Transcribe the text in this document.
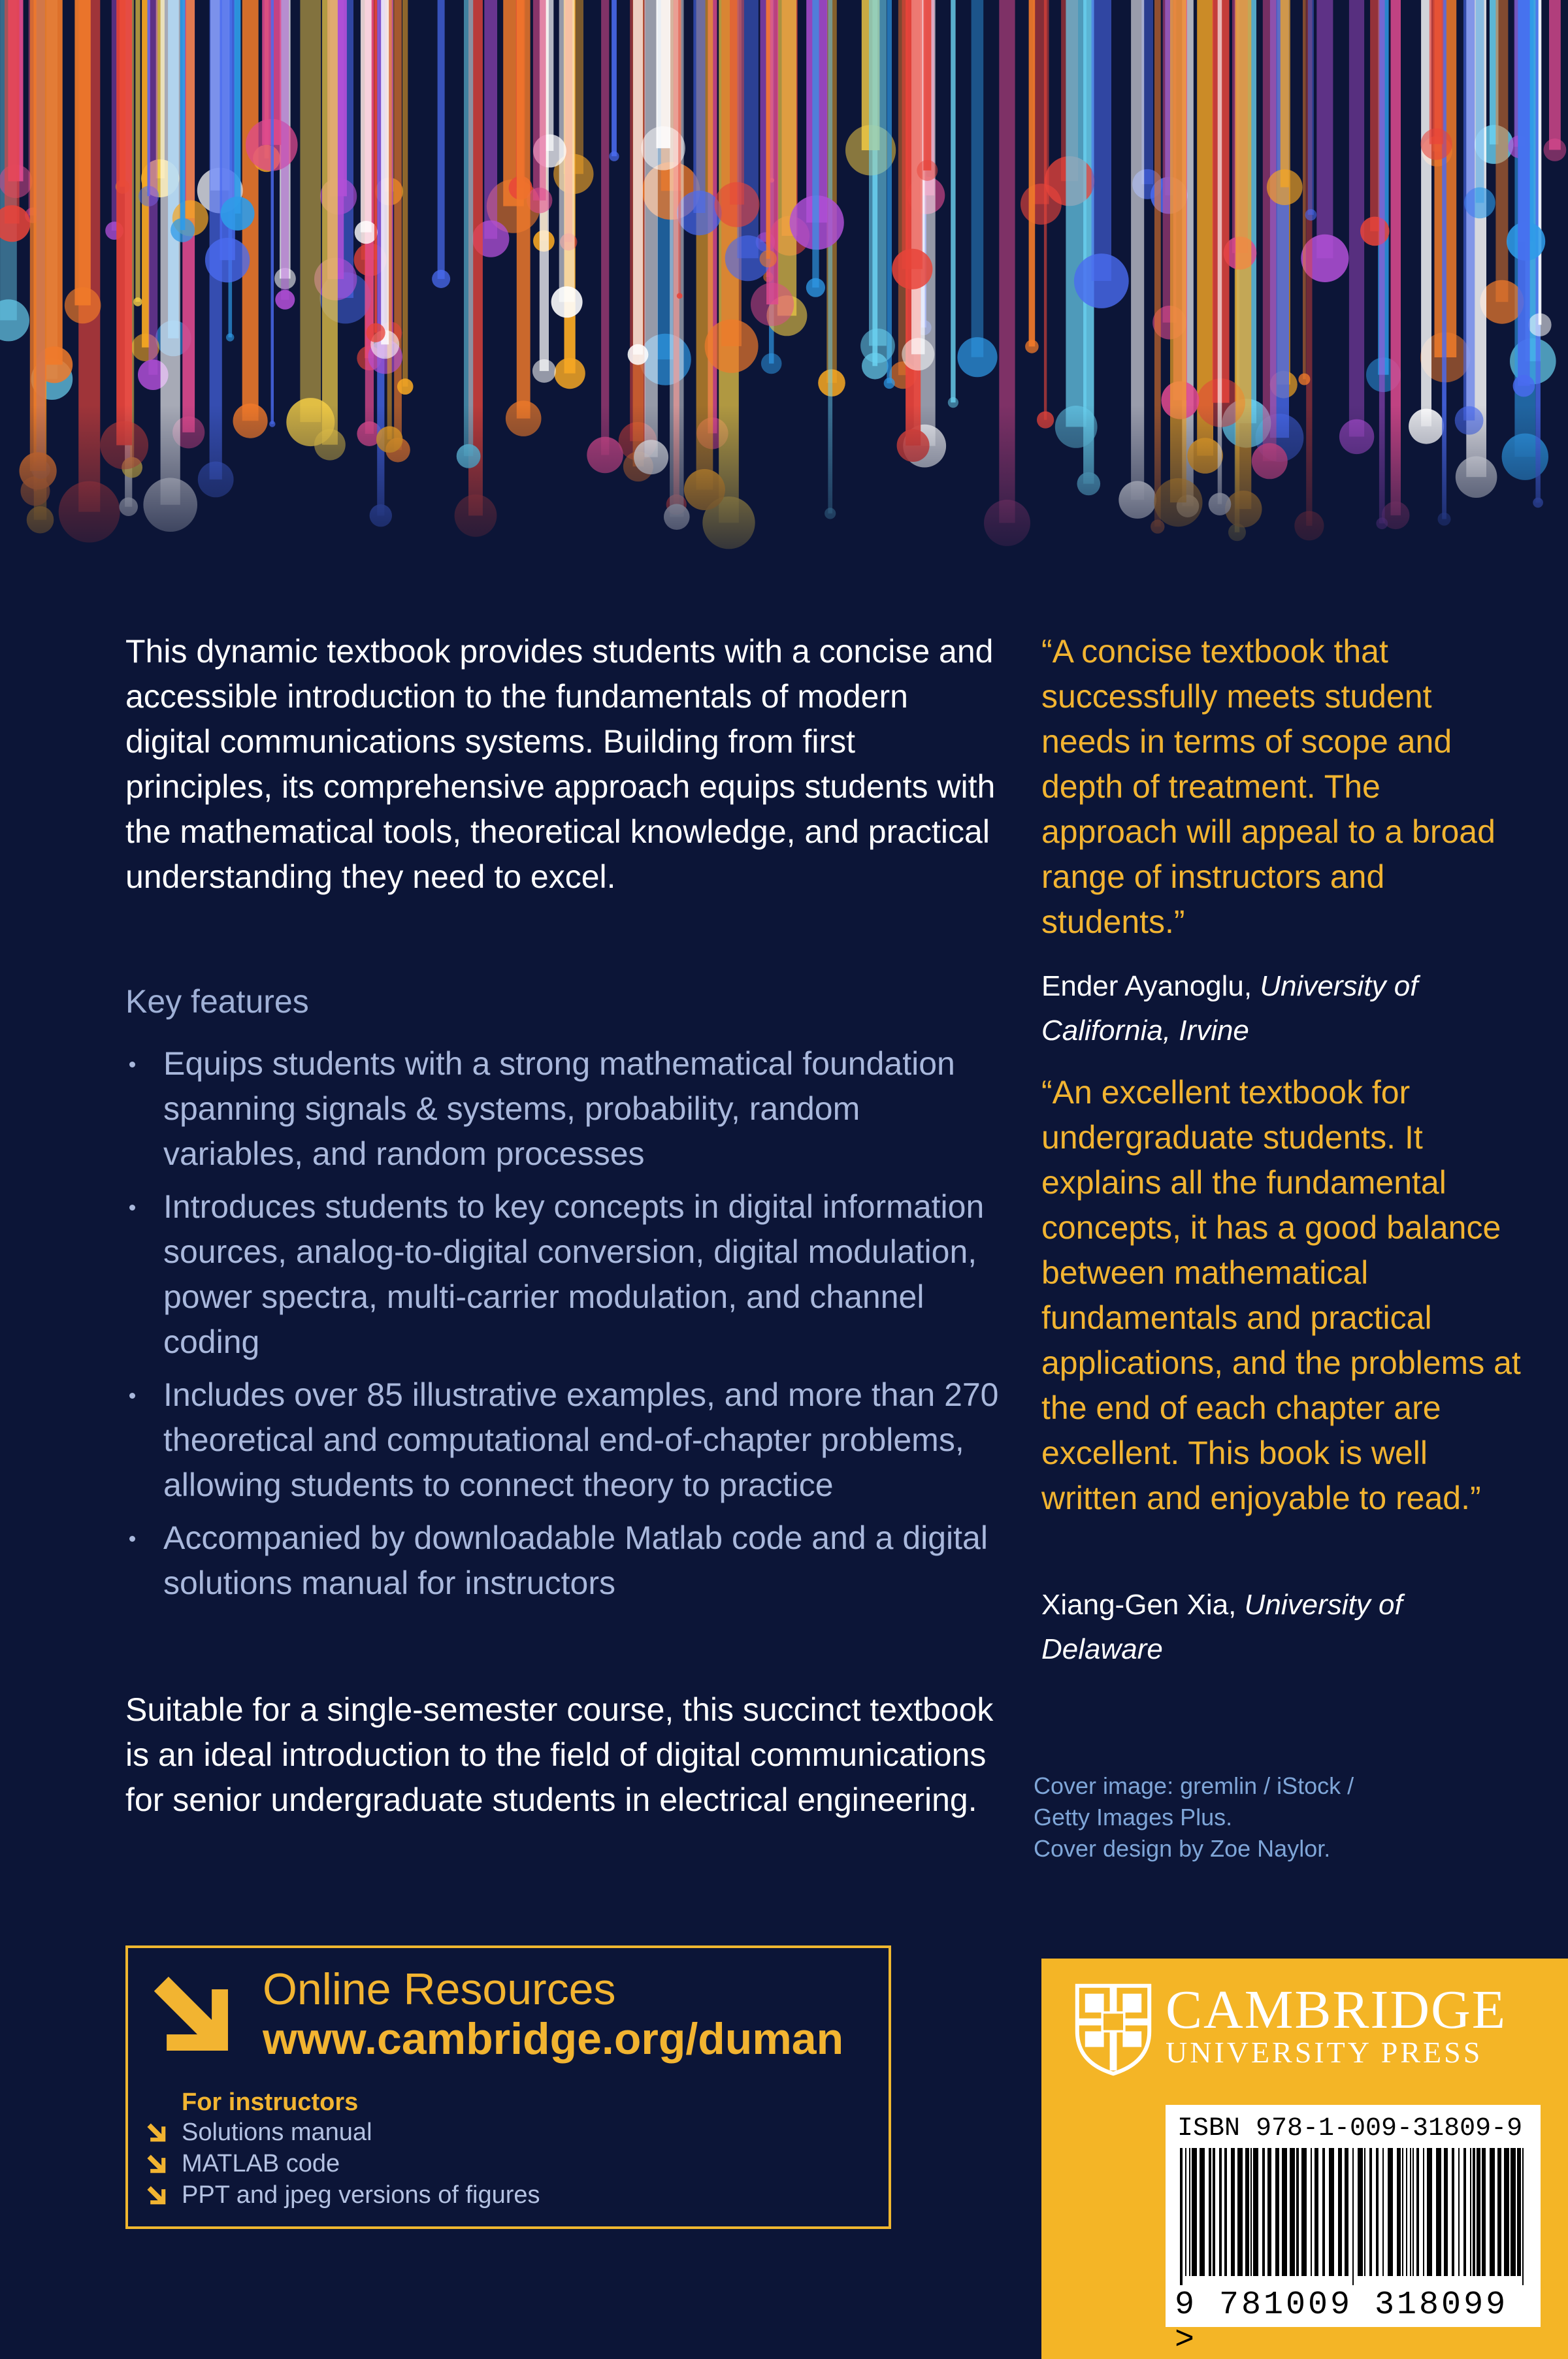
This dynamic textbook provides students with a concise and accessible introduction to the fundamentals of modern digital communications systems. Building from first principles, its comprehensive approach equips students with the mathematical tools, theoretical knowledge, and practical understanding they need to excel.
Key features
Equips students with a strong mathematical foundation spanning signals & systems, probability, random variables, and random processes
Introduces students to key concepts in digital information sources, analog-to-digital conversion, digital modulation, power spectra, multi-carrier modulation, and channel coding
Includes over 85 illustrative examples, and more than 270 theoretical and computational end-of-chapter problems, allowing students to connect theory to practice
Accompanied by downloadable Matlab code and a digital solutions manual for instructors
Suitable for a single-semester course, this succinct textbook is an ideal introduction to the field of digital communications for senior undergraduate students in electrical engineering.
“A concise textbook that successfully meets student needs in terms of scope and depth of treatment. The approach will appeal to a broad range of instructors and students.”
Ender Ayanoglu, University of California, Irvine
“An excellent textbook for undergraduate students. It explains all the fundamental concepts, it has a good balance between mathematical fundamentals and practical applications, and the problems at the end of each chapter are excellent. This book is well written and enjoyable to read.”
Xiang-Gen Xia, University of Delaware
Cover image: gremlin / iStock /
Getty Images Plus.
Cover design by Zoe Naylor.
Online Resources
www.cambridge.org/duman
For instructors
Solutions manual
MATLAB code
PPT and jpeg versions of figures
CAMBRIDGE
UNIVERSITY PRESS
ISBN 978-1-009-31809-9
9 781009 318099 >
